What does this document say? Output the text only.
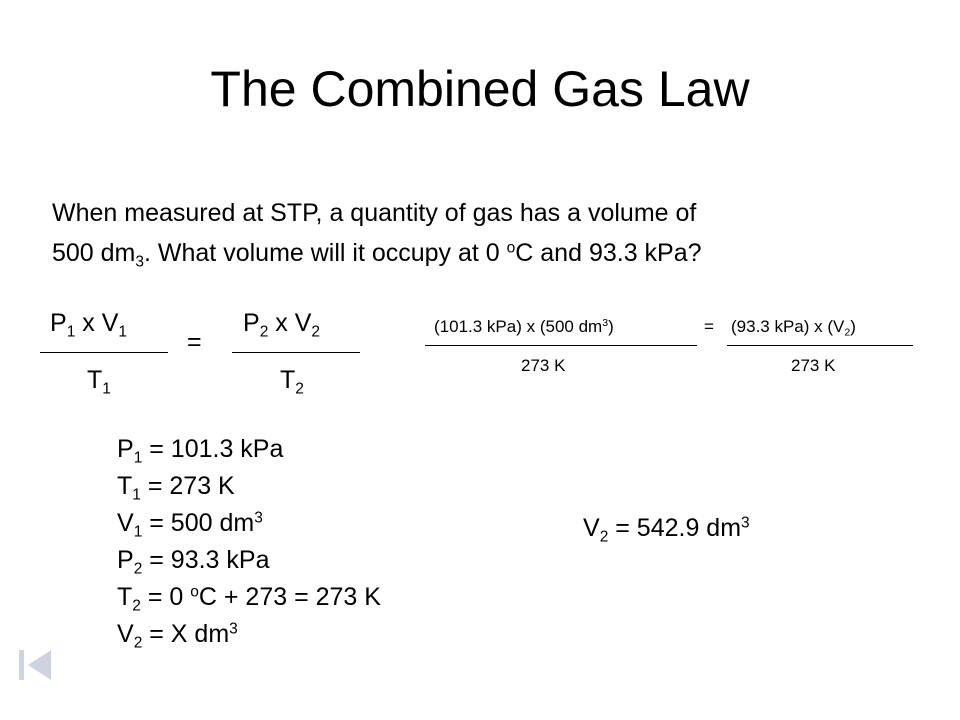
The Combined Gas Law
When measured at STP, a quantity of gas has a volume of
500 $dm_3$. What volume will it occupy at 0 $^o$C and 93.3 kPa?
$P_1$ x $V_1$
$T_1$
=
$P_2$ x $V_2$
$T_2$
(101.3 kPa) x (500 $dm^3$)	= (93.3 kPa) x $(V_2)$
273 K	273 K
$P_1 = 101.3$ kPa
$T_1 = 273$ K
$V_1 = 500$ $dm^3$
$P_2 = 93.3$ kPa
$T_2 = 0$ $^o$C + 273 = 273 K
$V_2 = X$ $dm^3$
$V_2 = 542.9$ $dm^3$
